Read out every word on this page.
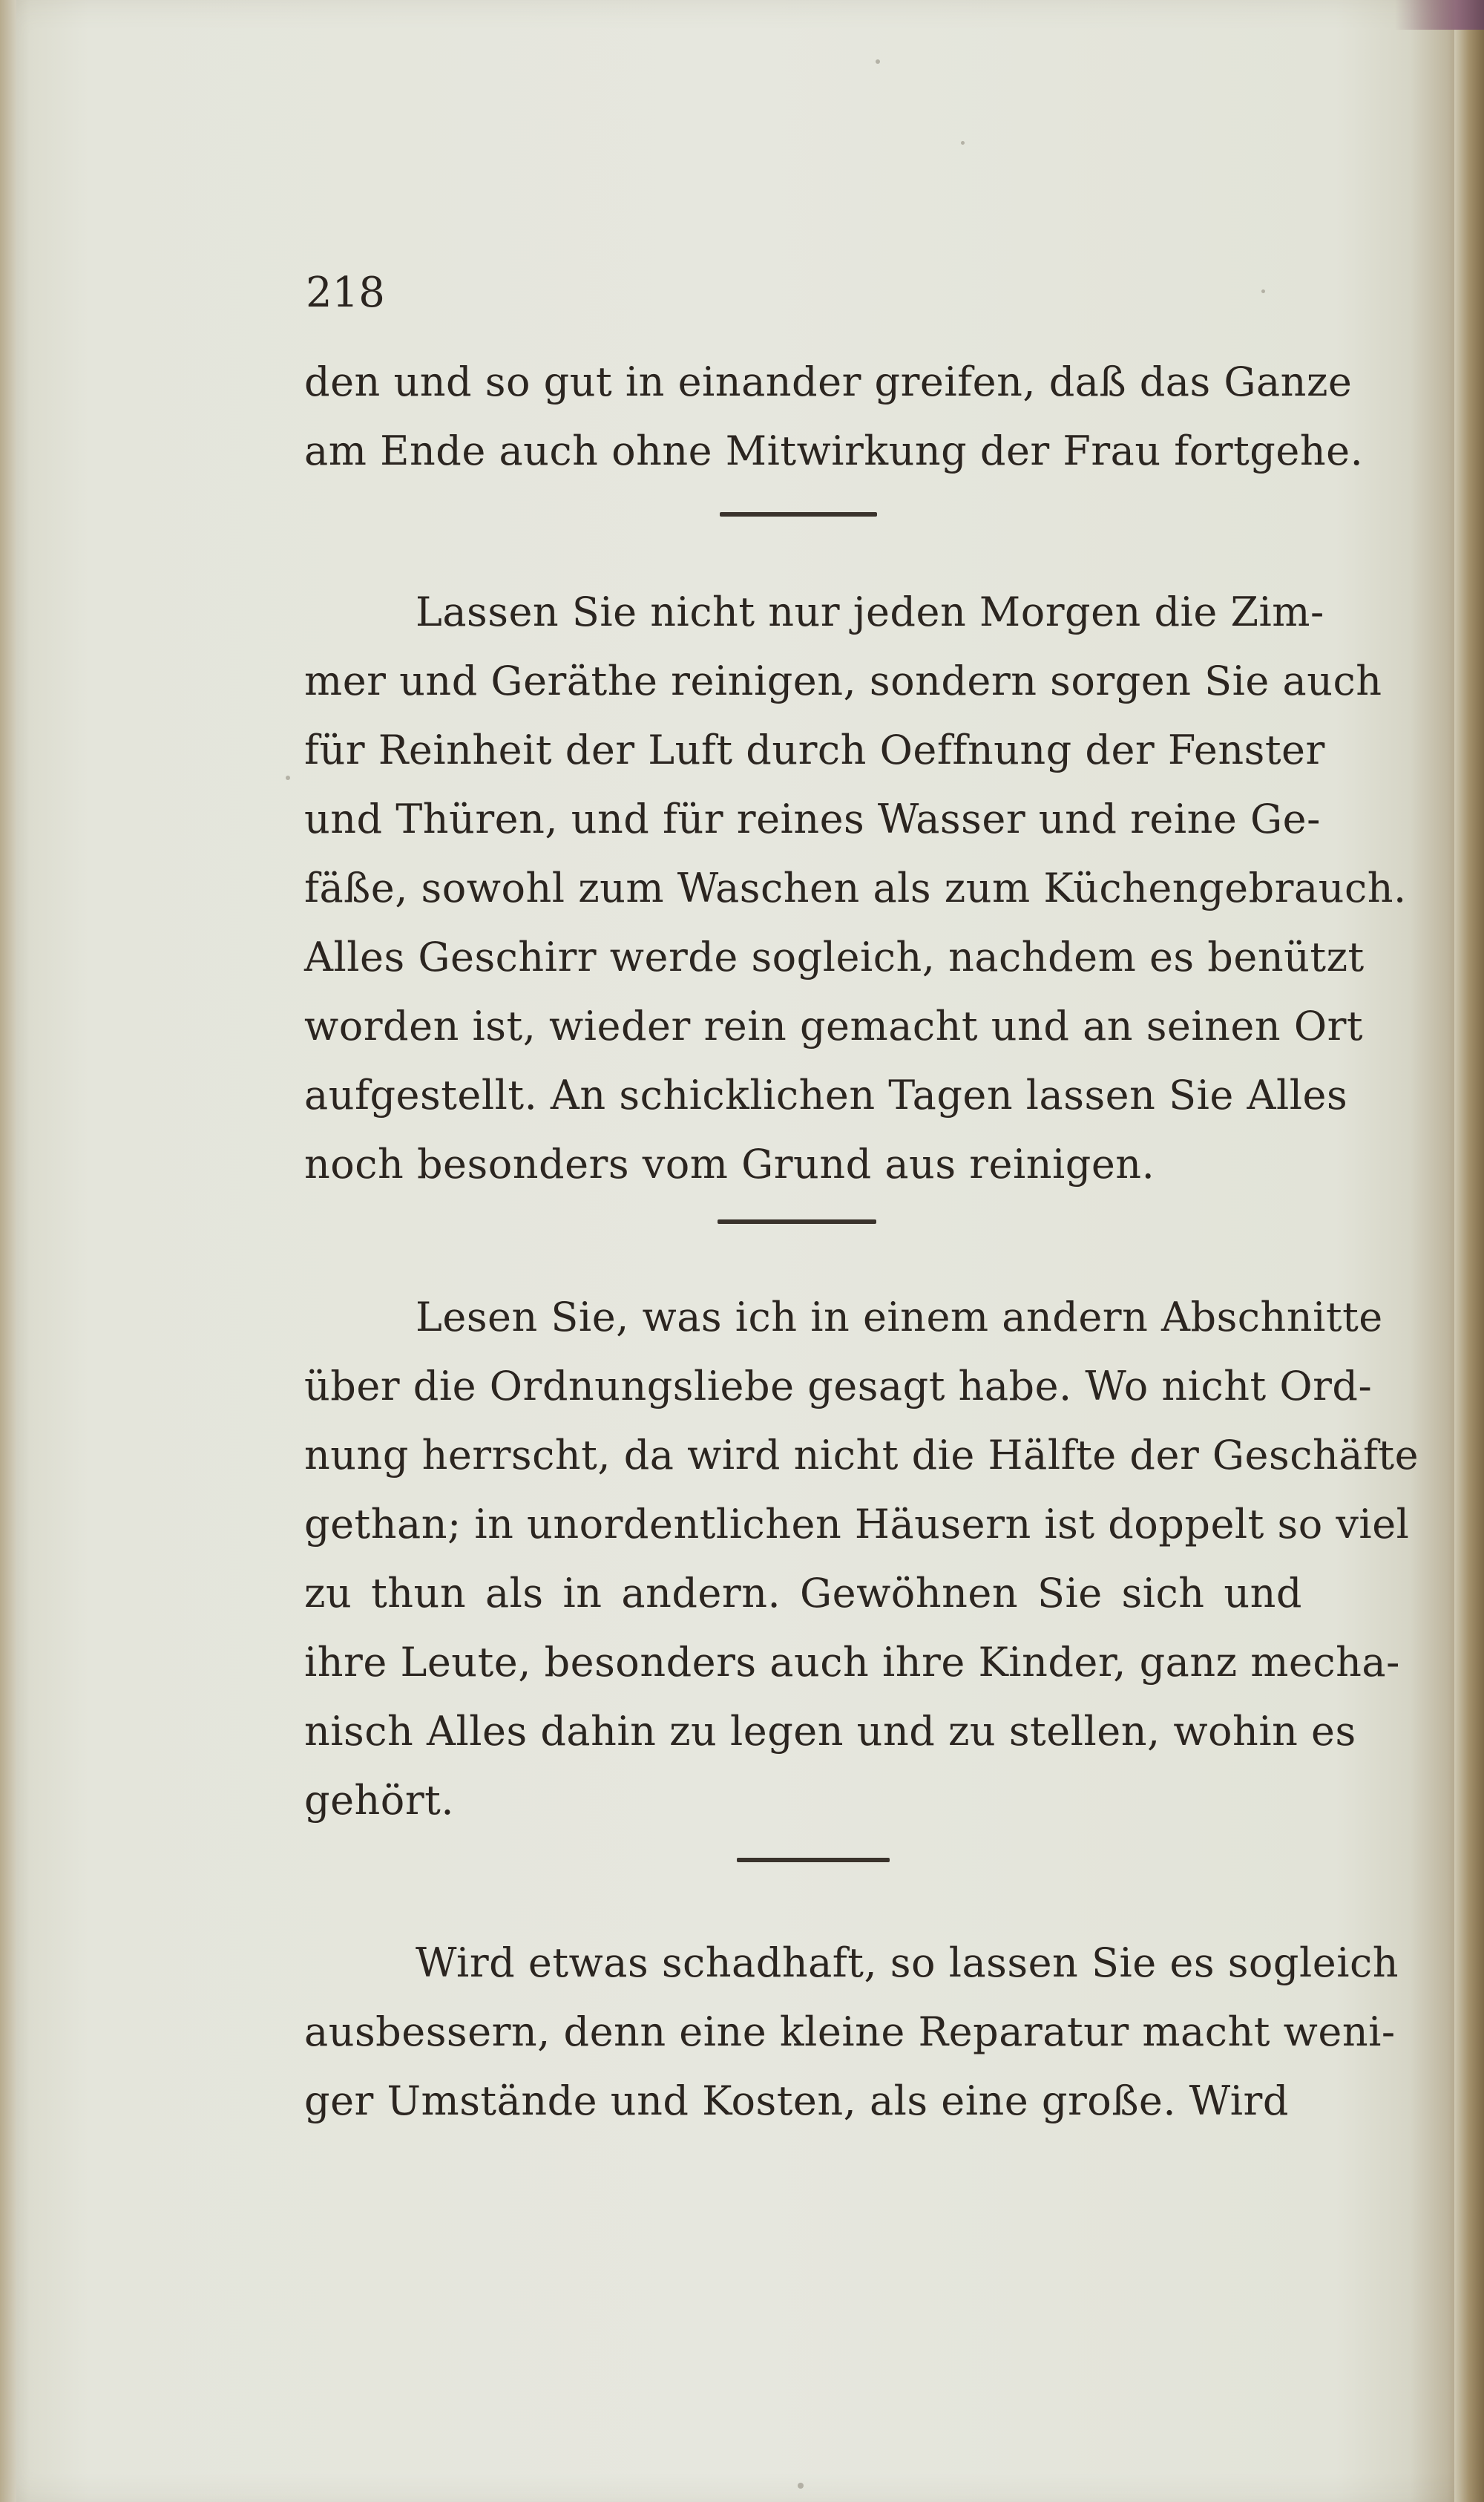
218
den und so gut in einander greifen, daß das Ganze
am Ende auch ohne Mitwirkung der Frau fortgehe.
Lassen Sie nicht nur jeden Morgen die Zim-
mer und Geräthe reinigen, sondern sorgen Sie auch
für Reinheit der Luft durch Oeffnung der Fenster
und Thüren, und für reines Wasser und reine Ge-
fäße, sowohl zum Waschen als zum Küchengebrauch.
Alles Geschirr werde sogleich, nachdem es benützt
worden ist, wieder rein gemacht und an seinen Ort
aufgestellt. An schicklichen Tagen lassen Sie Alles
noch besonders vom Grund aus reinigen.
Lesen Sie, was ich in einem andern Abschnitte
über die Ordnungsliebe gesagt habe. Wo nicht Ord-
nung herrscht, da wird nicht die Hälfte der Geschäfte
gethan; in unordentlichen Häusern ist doppelt so viel
zu thun als in andern. Gewöhnen Sie sich und
ihre Leute, besonders auch ihre Kinder, ganz mecha-
nisch Alles dahin zu legen und zu stellen, wohin es
gehört.
Wird etwas schadhaft, so lassen Sie es sogleich
ausbessern, denn eine kleine Reparatur macht weni-
ger Umstände und Kosten, als eine große. Wird
